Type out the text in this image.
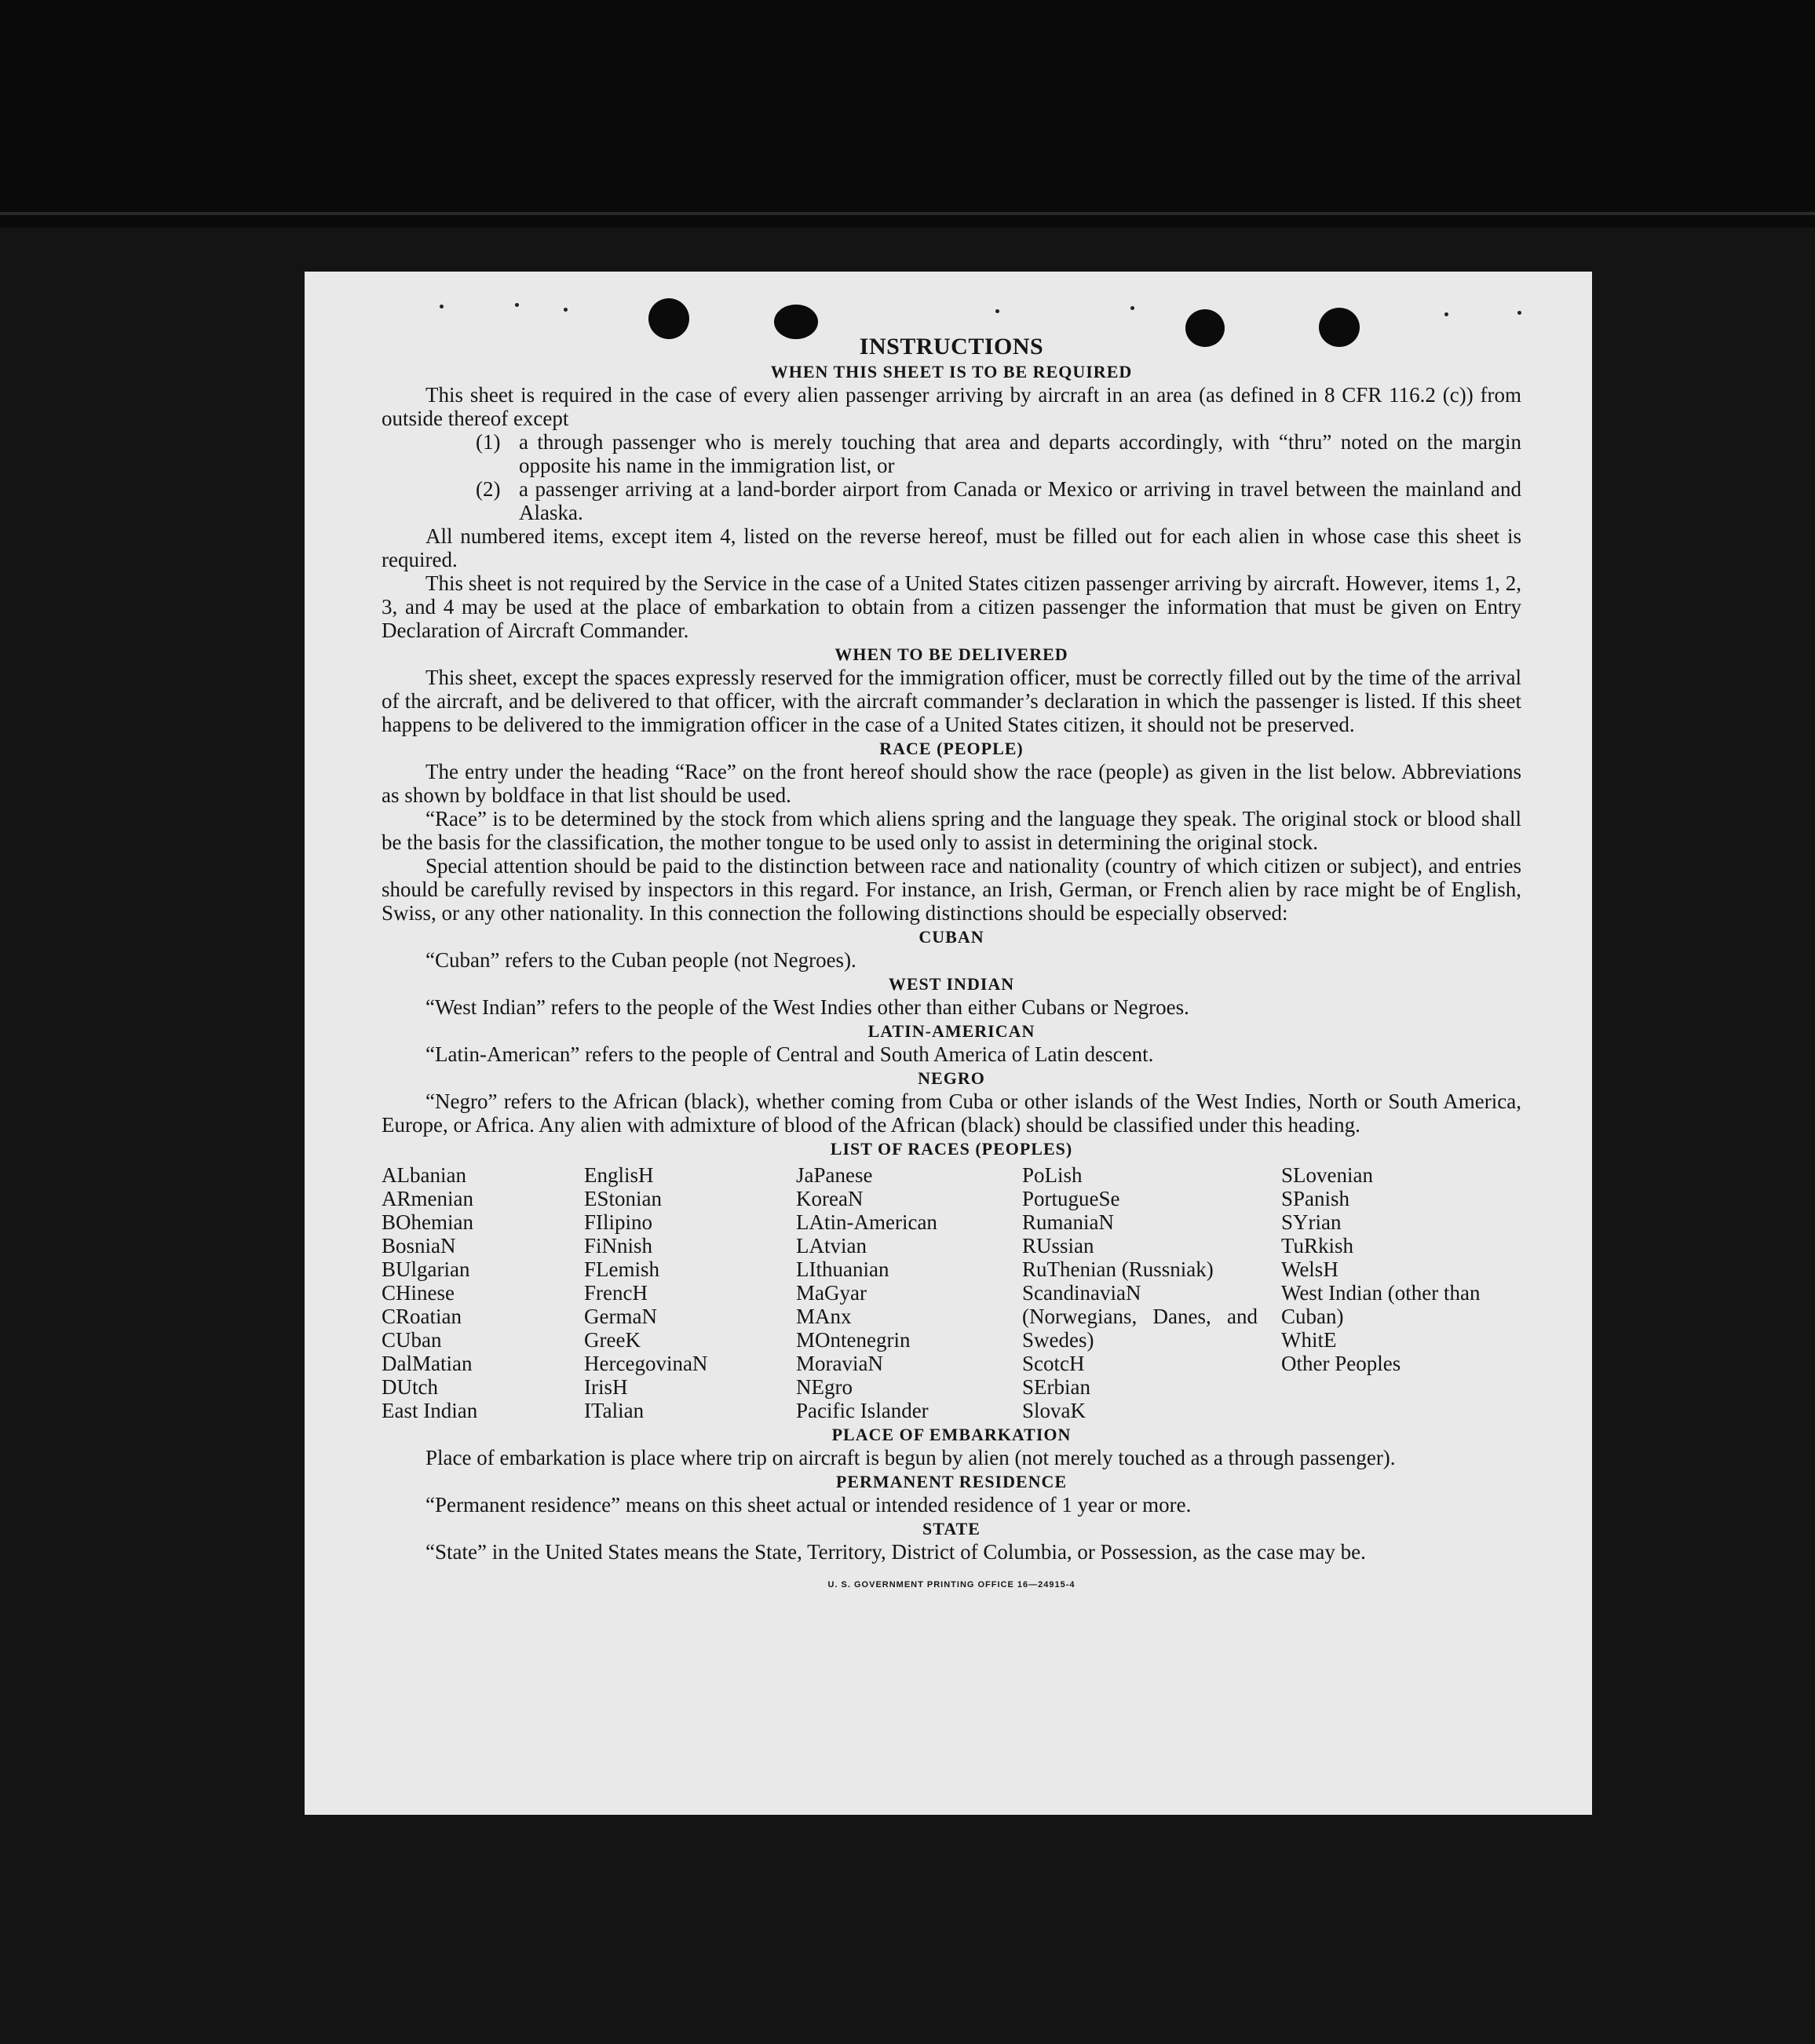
INSTRUCTIONS
WHEN THIS SHEET IS TO BE REQUIRED

This sheet is required in the case of every alien passenger arriving by aircraft in an area (as defined in 8 CFR 116.2 (c)) from outside thereof except

(1) a through passenger who is merely touching that area and departs accordingly, with “thru” noted on the margin opposite his name in the immigration list, or
(2) a passenger arriving at a land-border airport from Canada or Mexico or arriving in travel between the mainland and Alaska.

All numbered items, except item 4, listed on the reverse hereof, must be filled out for each alien in whose case this sheet is required.

This sheet is not required by the Service in the case of a United States citizen passenger arriving by aircraft. However, items 1, 2, 3, and 4 may be used at the place of embarkation to obtain from a citizen passenger the information that must be given on Entry Declaration of Aircraft Commander.

WHEN TO BE DELIVERED

This sheet, except the spaces expressly reserved for the immigration officer, must be correctly filled out by the time of the arrival of the aircraft, and be delivered to that officer, with the aircraft commander’s declaration in which the passenger is listed. If this sheet happens to be delivered to the immigration officer in the case of a United States citizen, it should not be preserved.

RACE (PEOPLE)

The entry under the heading “Race” on the front hereof should show the race (people) as given in the list below. Abbreviations as shown by boldface in that list should be used.

“Race” is to be determined by the stock from which aliens spring and the language they speak. The original stock or blood shall be the basis for the classification, the mother tongue to be used only to assist in determining the original stock.

Special attention should be paid to the distinction between race and nationality (country of which citizen or subject), and entries should be carefully revised by inspectors in this regard. For instance, an Irish, German, or French alien by race might be of English, Swiss, or any other nationality. In this connection the following distinctions should be especially observed:

CUBAN

“Cuban” refers to the Cuban people (not Negroes).

WEST INDIAN

“West Indian” refers to the people of the West Indies other than either Cubans or Negroes.

LATIN-AMERICAN

“Latin-American” refers to the people of Central and South America of Latin descent.

NEGRO

“Negro” refers to the African (black), whether coming from Cuba or other islands of the West Indies, North or South America, Europe, or Africa. Any alien with admixture of blood of the African (black) should be classified under this heading.

LIST OF RACES (PEOPLES)
ALbanian
ARmenian
BOhemian
BosniaN
BUlgarian
CHinese
CRoatian
CUban
DalMatian
DUtch
East Indian
EnglisH
EStonian
FIlipino
FiNnish
FLemish
FrencH
GermaN
GreeK
HercegovinaN
IrisH
ITalian
JaPanese
KoreaN
LAtin-American
LAtvian
LIthuanian
MaGyar
MAnx
MOntenegrin
MoraviaN
NEgro
Pacific Islander
PoLish
PortugueSe
RumaniaN
RUssian
RuThenian (Russniak)
ScandinaviaN (Norwegians, Danes, and Swedes)
ScotcH
SErbian
SlovaK
SLovenian
SPanish
SYrian
TuRkish
WelsH
West Indian (other than Cuban)
WhitE
Other Peoples
PLACE OF EMBARKATION

Place of embarkation is place where trip on aircraft is begun by alien (not merely touched as a through passenger).

PERMANENT RESIDENCE

“Permanent residence” means on this sheet actual or intended residence of 1 year or more.

STATE

“State” in the United States means the State, Territory, District of Columbia, or Possession, as the case may be.

U. S. GOVERNMENT PRINTING OFFICE 16—24915-4
